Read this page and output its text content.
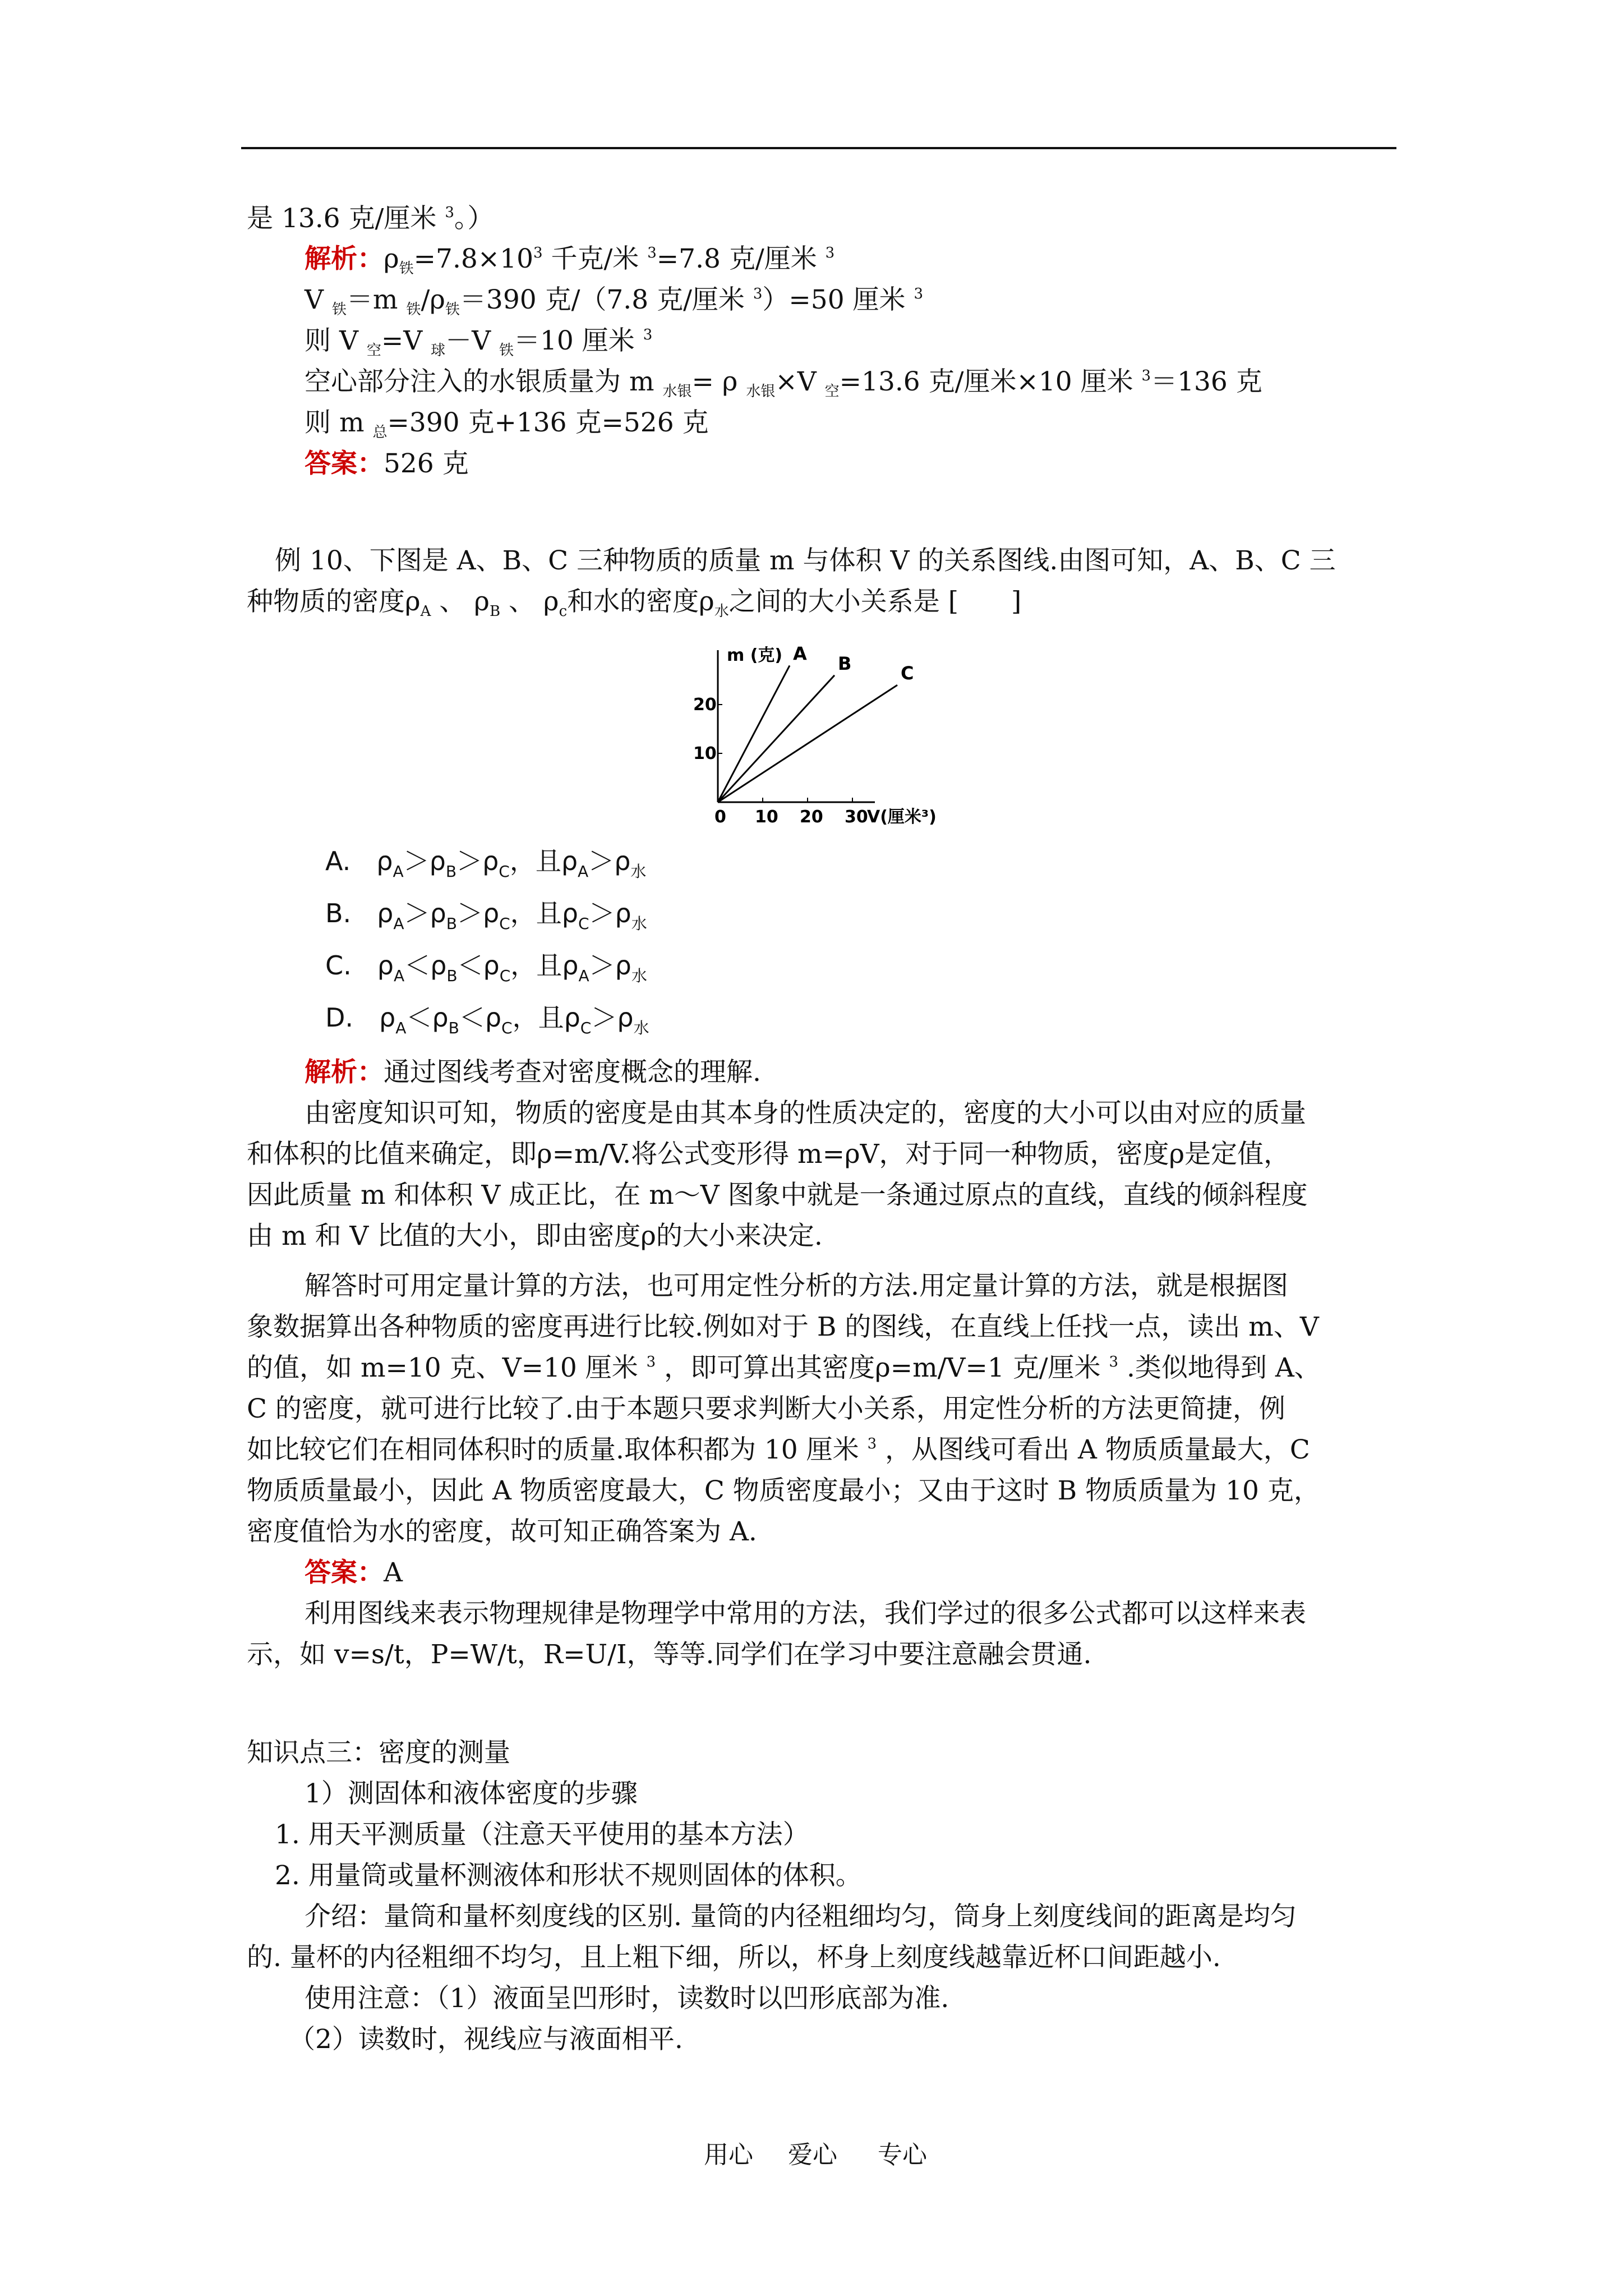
是 13.6 克/厘米 $^3$。）
解析：$\rho_铁=7.8\times 10^3$ 千克/米 $^3$=7.8 克/厘米 $^3$
V $_铁$＝m $_铁/\rho_铁=390$ 克/（7.8 克/厘米 $^3$）=50 厘米 $^3$
则 V $_空$=V $_球$－V $_铁$＝10 厘米 $^3$
空心部分注入的水银质量为 m $_{水银}$= ρ $_{水银}$×V $_空$=13.6 克/厘米×10 厘米 $^3$＝136 克
则 m $_总$=390 克+136 克=526 克
答案：526 克
例 10、下图是 A、B、C 三种物质的质量 m 与体积 V 的关系图线.由图可知，A、B、C 三
种物质的密度$\rho_A$ 、 $\rho_B$ 、 $\rho_c$和水的密度$\rho_水$之间的大小关系是 [　　]
0 10 20 30
10
20
V(厘米³)
m (克) A B	C
A.　$\rho_A>\rho_B>\rho_C$，且$\rho_A>\rho_水$
B.　$\rho_A>\rho_B>\rho_C$，且$\rho_C>\rho_水$
C.　$\rho_A<\rho_B<\rho_C$，且$\rho_A>\rho_水$
D.　$\rho_A<\rho_B<\rho_C$，且$\rho_C>\rho_水$
解析：通过图线考查对密度概念的理解.
由密度知识可知，物质的密度是由其本身的性质决定的，密度的大小可以由对应的质量
和体积的比值来确定，即ρ=m/V.将公式变形得 m=ρV，对于同一种物质，密度ρ是定值，
因此质量 m 和体积 V 成正比，在 m～V 图象中就是一条通过原点的直线，直线的倾斜程度
由 m 和 V 比值的大小，即由密度ρ的大小来决定.
解答时可用定量计算的方法，也可用定性分析的方法.用定量计算的方法，就是根据图
象数据算出各种物质的密度再进行比较.例如对于 B 的图线，在直线上任找一点，读出 m、V
的值，如 m=10 克、V=10 厘米 $^3$ ，即可算出其密度ρ=m/V=1 克/厘米 $^3$ .类似地得到 A、
C 的密度，就可进行比较了.由于本题只要求判断大小关系，用定性分析的方法更简捷，例
如比较它们在相同体积时的质量.取体积都为 10 厘米 $^3$ ，从图线可看出 A 物质质量最大，C
物质质量最小，因此 A 物质密度最大，C 物质密度最小；又由于这时 B 物质质量为 10 克，
密度值恰为水的密度，故可知正确答案为 A.
答案：A
利用图线来表示物理规律是物理学中常用的方法，我们学过的很多公式都可以这样来表
示，如 v=s/t，P=W/t，R=U/I，等等.同学们在学习中要注意融会贯通.
知识点三：密度的测量
1）测固体和液体密度的步骤
1. 用天平测质量（注意天平使用的基本方法）
2. 用量筒或量杯测液体和形状不规则固体的体积。
介绍：量筒和量杯刻度线的区别. 量筒的内径粗细均匀，筒身上刻度线间的距离是均匀
的. 量杯的内径粗细不均匀，且上粗下细，所以，杯身上刻度线越靠近杯口间距越小.
使用注意：（1）液面呈凹形时，读数时以凹形底部为准.
（2）读数时，视线应与液面相平.
用心 爱心 专心
